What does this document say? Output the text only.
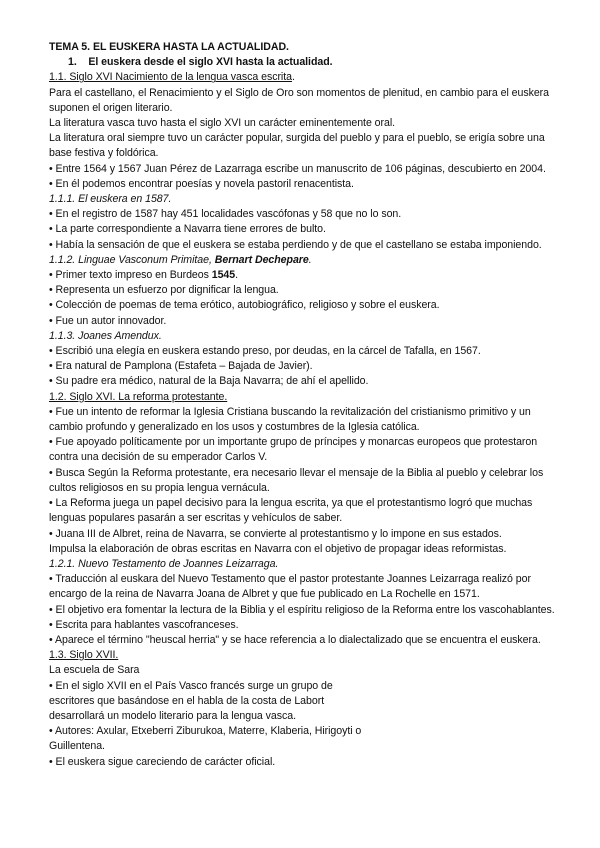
TEMA 5. EL EUSKERA HASTA LA ACTUALIDAD.

1. El euskera desde el siglo XVI hasta la actualidad.

1.1. Siglo XVI Nacimiento de la lengua vasca escrita.

Para el castellano, el Renacimiento y el Siglo de Oro son momentos de plenitud, en cambio para el euskera suponen el origen literario.

La literatura vasca tuvo hasta el siglo XVI un carácter eminentemente oral.

La literatura oral siempre tuvo un carácter popular, surgida del pueblo y para el pueblo, se erigía sobre una base festiva y foldórica.

• Entre 1564 y 1567 Juan Pérez de Lazarraga escribe un manuscrito de 106 páginas, descubierto en 2004.

• En él podemos encontrar poesías y novela pastoril renacentista.

1.1.1. El euskera en 1587.

• En el registro de 1587 hay 451 localidades vascófonas y 58 que no lo son.

• La parte correspondiente a Navarra tiene errores de bulto.

• Había la sensación de que el euskera se estaba perdiendo y de que el castellano se estaba imponiendo.

1.1.2. Linguae Vasconum Primitae, Bernart Dechepare.

• Primer texto impreso en Burdeos 1545.

• Representa un esfuerzo por dignificar la lengua.

• Colección de poemas de tema erótico, autobiográfico, religioso y sobre el euskera.

• Fue un autor innovador.

1.1.3. Joanes Amendux.

• Escribió una elegía en euskera estando preso, por deudas, en la cárcel de Tafalla, en 1567.

• Era natural de Pamplona (Estafeta – Bajada de Javier).

• Su padre era médico, natural de la Baja Navarra; de ahí el apellido.

1.2. Siglo XVI. La reforma protestante.

• Fue un intento de reformar la Iglesia Cristiana buscando la revitalización del cristianismo primitivo y un cambio profundo y generalizado en los usos y costumbres de la Iglesia católica.

• Fue apoyado políticamente por un importante grupo de príncipes y monarcas europeos que protestaron contra una decisión de su emperador Carlos V.

• Busca Según la Reforma protestante, era necesario llevar el mensaje de la Biblia al pueblo y celebrar los cultos religiosos en su propia lengua vernácula.

• La Reforma juega un papel decisivo para la lengua escrita, ya que el protestantismo logró que muchas lenguas populares pasarán a ser escritas y vehículos de saber.

• Juana III de Albret, reina de Navarra, se convierte al protestantismo y lo impone en sus estados.

Impulsa la elaboración de obras escritas en Navarra con el objetivo de propagar ideas reformistas.

1.2.1. Nuevo Testamento de Joannes Leizarraga.

• Traducción al euskara del Nuevo Testamento que el pastor protestante Joannes Leizarraga realizó por encargo de la reina de Navarra Joana de Albret y que fue publicado en La Rochelle en 1571.

• El objetivo era fomentar la lectura de la Biblia y el espíritu religioso de la Reforma entre los vascohablantes.

• Escrita para hablantes vascofranceses.

• Aparece el término "heuscal herria" y se hace referencia a lo dialectalizado que se encuentra el euskera.

1.3. Siglo XVII.

La escuela de Sara

• En el siglo XVII en el País Vasco francés surge un grupo de

escritores que basándose en el habla de la costa de Labort

desarrollará un modelo literario para la lengua vasca.

• Autores: Axular, Etxeberri Ziburukoa, Materre, Klaberia, Hirigoyti o

Guillentena.

• El euskera sigue careciendo de carácter oficial.
